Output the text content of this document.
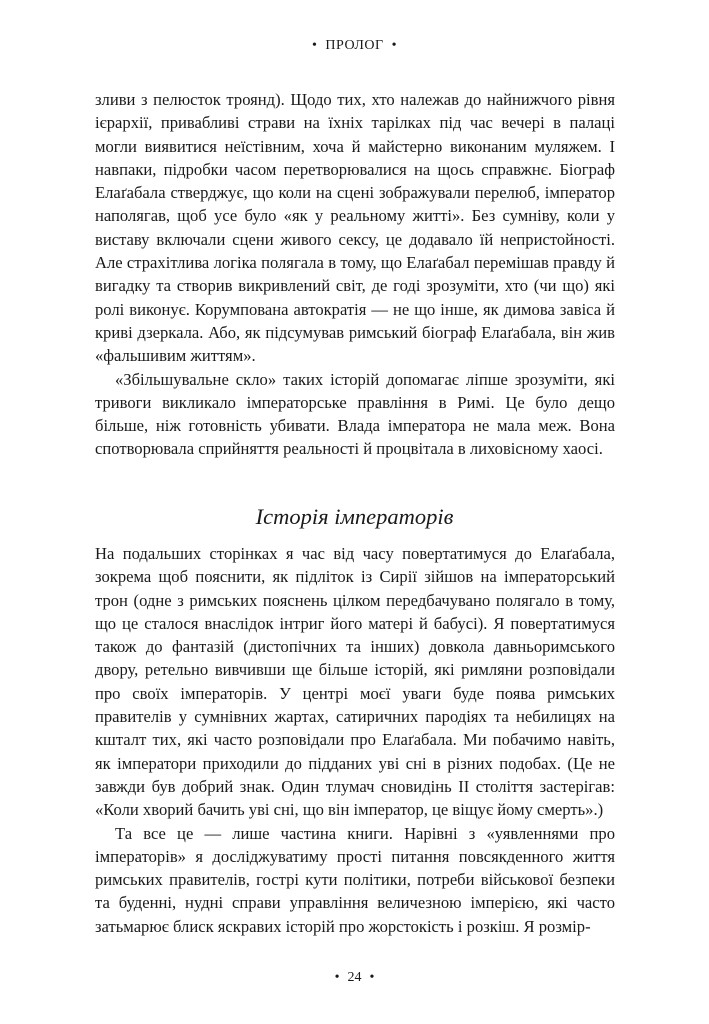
• ПРОЛОГ •

зливи з пелюсток троянд). Щодо тих, хто належав до найнижчого рівня ієрархії, привабливі страви на їхніх тарілках під час вечері в палаці могли виявитися неїстівним, хоча й майстерно виконаним муляжем. І навпаки, підробки часом перетворювалися на щось справжнє. Біограф Елаґабала стверджує, що коли на сцені зображували перелюб, імператор наполягав, щоб усе було «як у реальному житті». Без сумніву, коли у виставу включали сцени живого сексу, це додавало їй непристойності. Але страхітлива логіка полягала в тому, що Елаґабал перемішав правду й вигадку та створив викривлений світ, де годі зрозуміти, хто (чи що) які ролі виконує. Корумпована автократія — не що інше, як димова завіса й криві дзеркала. Або, як підсумував римський біограф Елаґабала, він жив «фальшивим життям».

«Збільшувальне скло» таких історій допомагає ліпше зрозуміти, які тривоги викликало імператорське правління в Римі. Це було дещо більше, ніж готовність убивати. Влада імператора не мала меж. Вона спотворювала сприйняття реальності й процвітала в лиховісному хаосі.

Історія імператорів

На подальших сторінках я час від часу повертатимуся до Елаґабала, зокрема щоб пояснити, як підліток із Сирії зійшов на імператорський трон (одне з римських пояснень цілком передбачувано полягало в тому, що це сталося внаслідок інтриг його матері й бабусі). Я повертатимуся також до фантазій (дистопічних та інших) довкола давньоримського двору, ретельно вивчивши ще більше історій, які римляни розповідали про своїх імператорів. У центрі моєї уваги буде поява римських правителів у сумнівних жартах, сатиричних пародіях та небилицях на кшталт тих, які часто розповідали про Елаґабала. Ми побачимо навіть, як імператори приходили до підданих уві сні в різних подобах. (Це не завжди був добрий знак. Один тлумач сновидінь II століття застерігав: «Коли хворий бачить уві сні, що він імператор, це віщує йому смерть».)

Та все це — лише частина книги. Нарівні з «уявленнями про імператорів» я досліджуватиму прості питання повсякденного життя римських правителів, гострі кути політики, потреби військової безпеки та буденні, нудні справи управління величезною імперією, які часто затьмарює блиск яскравих історій про жорстокість і розкіш. Я розмір-

• 24 •
